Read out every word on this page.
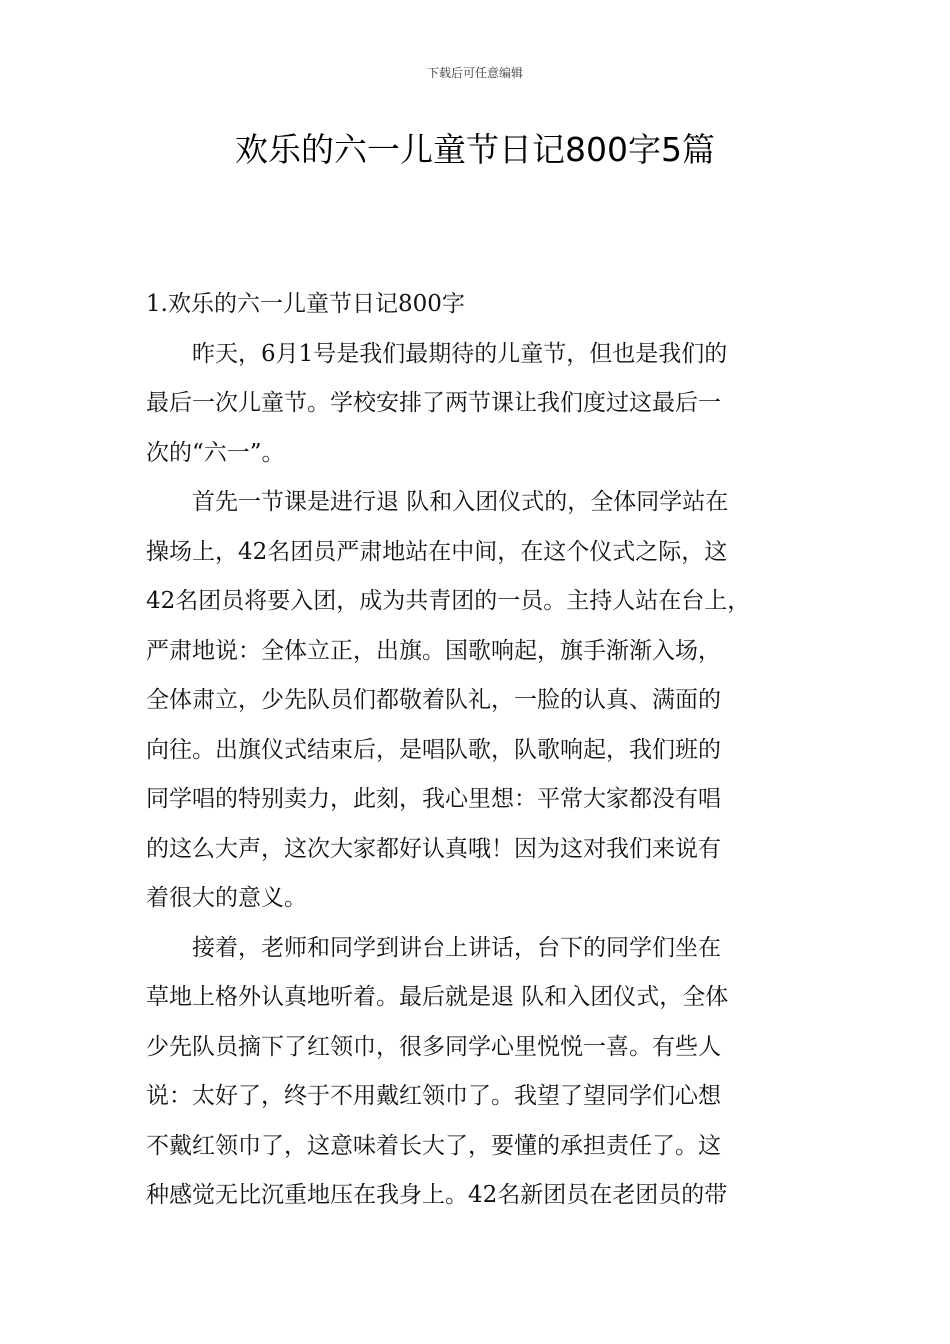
下载后可任意编辑
欢乐的六一儿童节日记800字5篇

1.欢乐的六一儿童节日记800字

昨天，6月1号是我们最期待的儿童节，但也是我们的
最后一次儿童节。学校安排了两节课让我们度过这最后一
次的“六一”。

首先一节课是进行退 队和入团仪式的，全体同学站在
操场上，42名团员严肃地站在中间，在这个仪式之际，这
42名团员将要入团，成为共青团的一员。主持人站在台上，
严肃地说：全体立正，出旗。国歌响起，旗手渐渐入场，
全体肃立，少先队员们都敬着队礼，一脸的认真、满面的
向往。出旗仪式结束后，是唱队歌，队歌响起，我们班的
同学唱的特别卖力，此刻，我心里想：平常大家都没有唱
的这么大声，这次大家都好认真哦！因为这对我们来说有
着很大的意义。

接着，老师和同学到讲台上讲话，台下的同学们坐在
草地上格外认真地听着。最后就是退 队和入团仪式，全体
少先队员摘下了红领巾，很多同学心里悦悦一喜。有些人
说：太好了，终于不用戴红领巾了。我望了望同学们心想
不戴红领巾了，这意味着长大了，要懂的承担责任了。这
种感觉无比沉重地压在我身上。42名新团员在老团员的带
